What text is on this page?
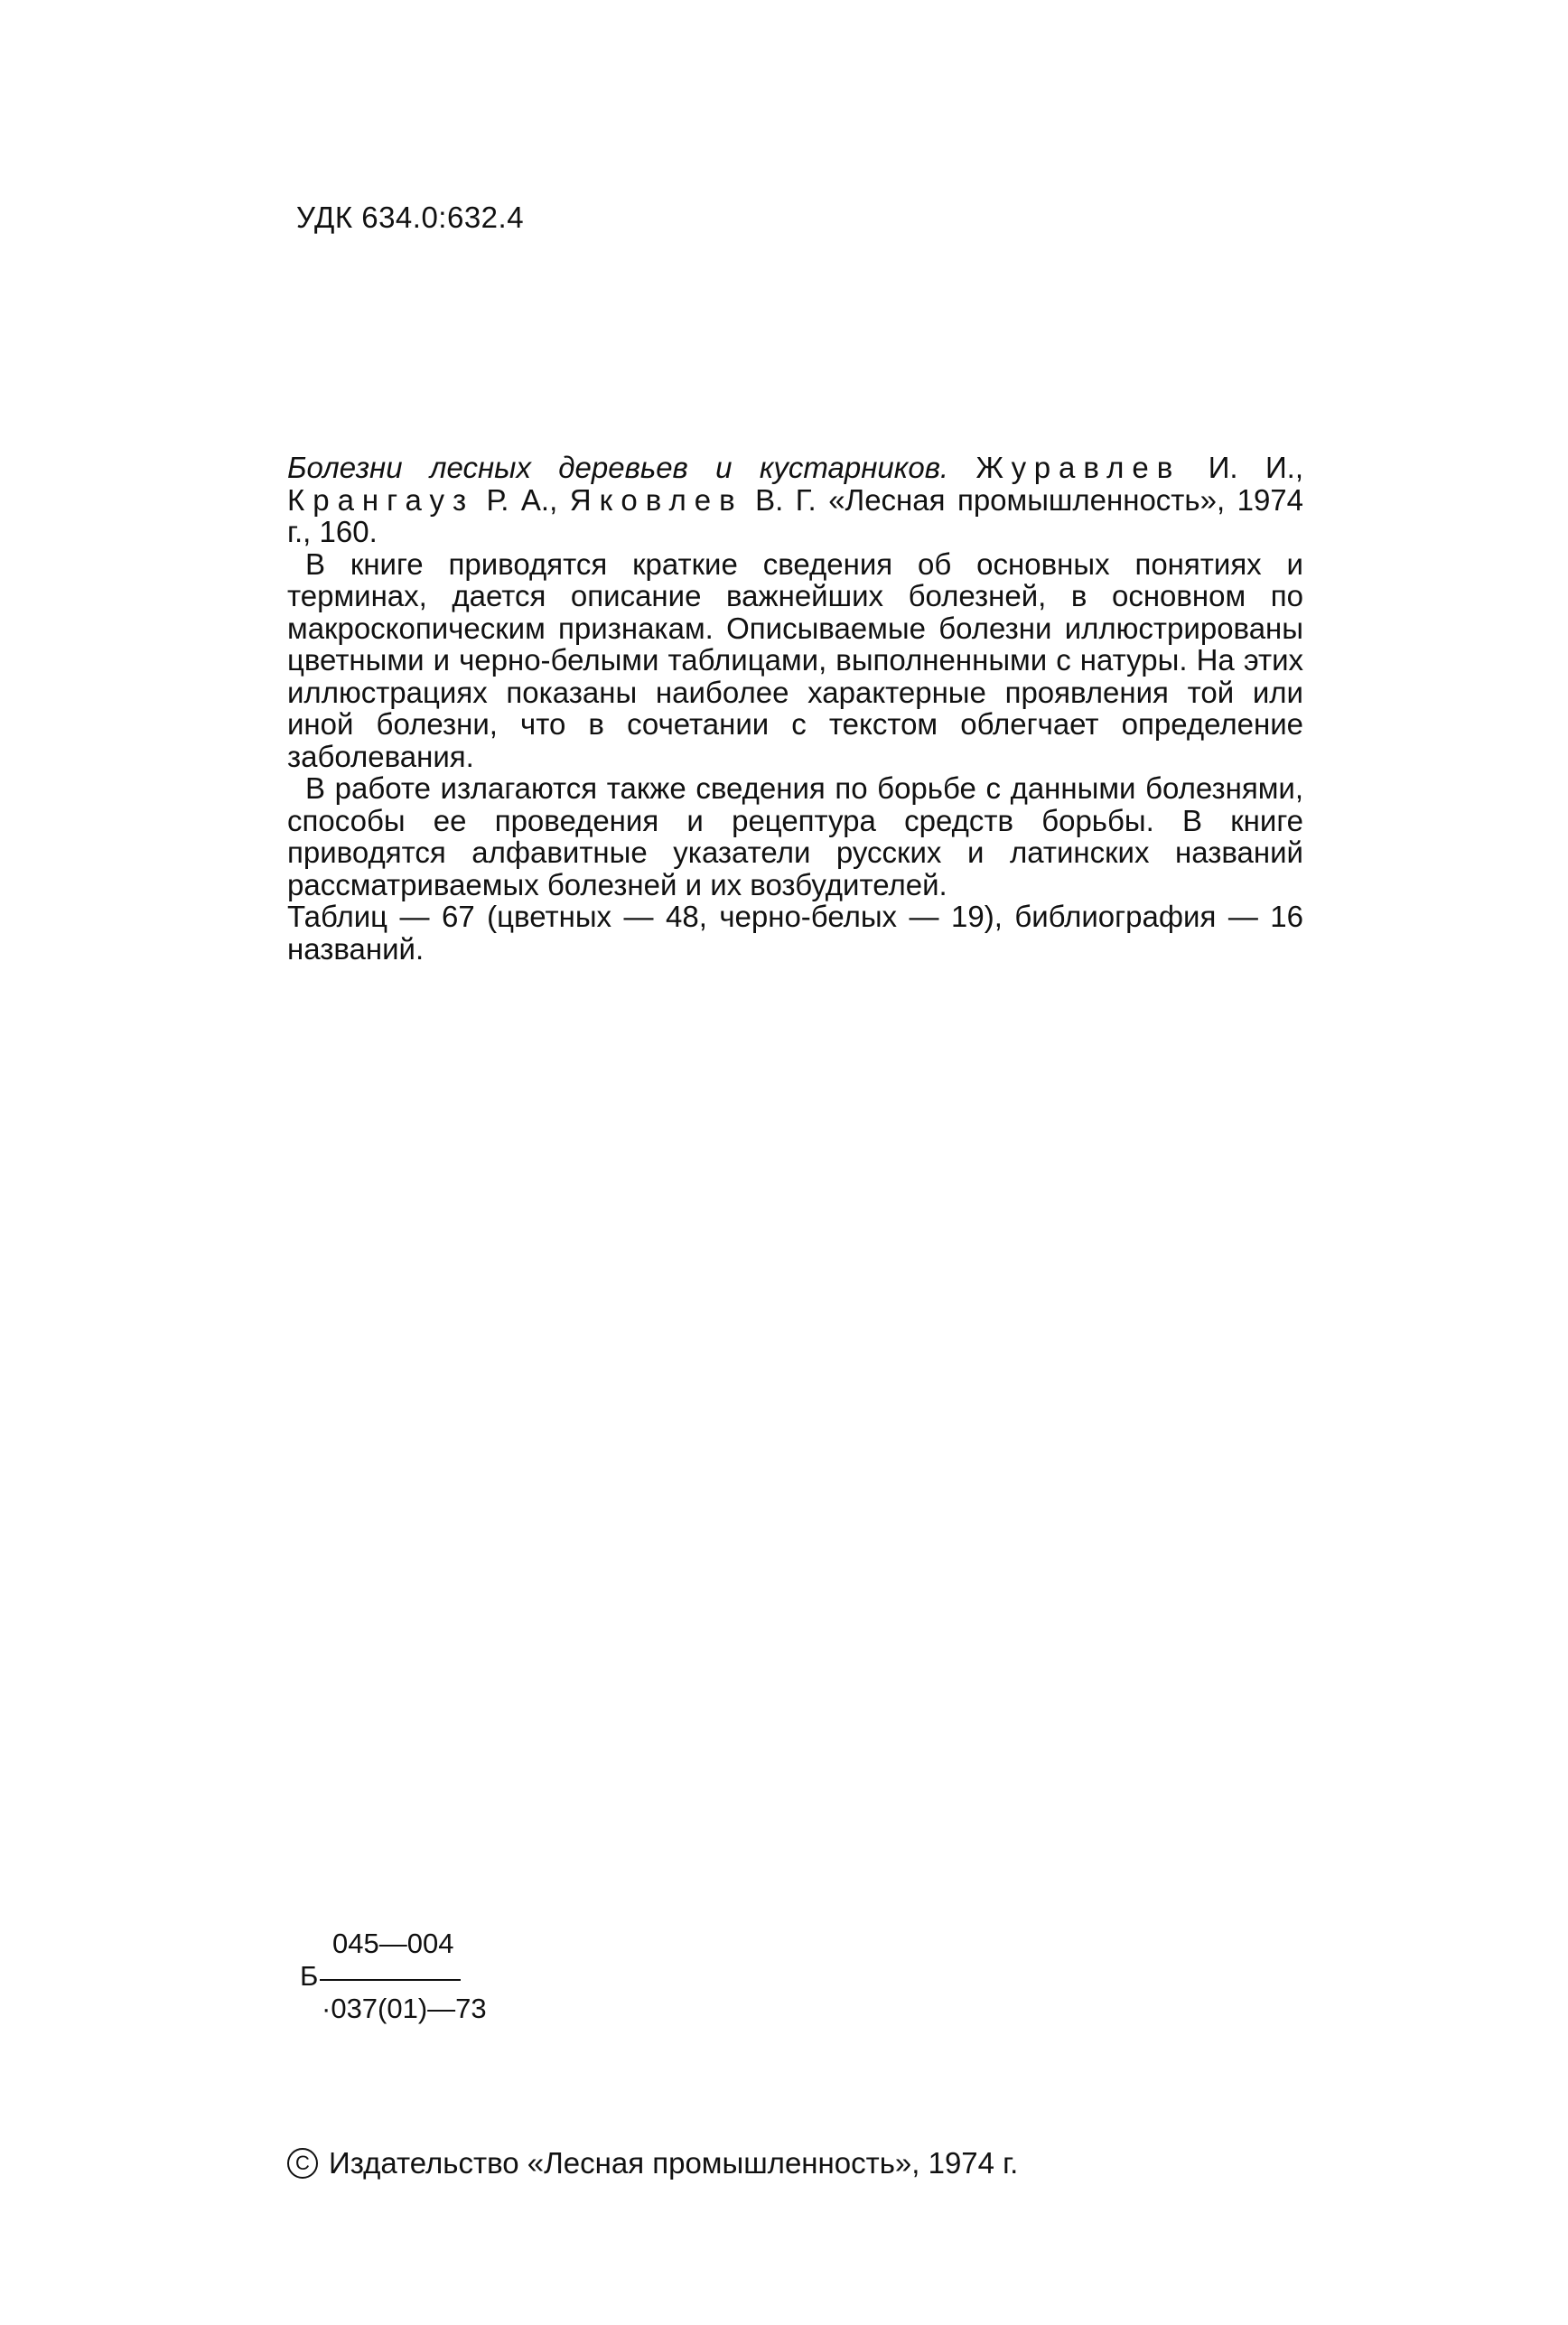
УДК 634.0:632.4

Болезни лесных деревьев и кустарников. Журавлев И. И., Крангауз Р. А., Яковлев В. Г. «Лесная промышленность», 1974 г., 160.

В книге приводятся краткие сведения об основных понятиях и терминах, дается описание важнейших болезней, в основном по макроскопическим признакам. Описываемые болезни иллюстрированы цветными и черно-белыми таблицами, выполненными с натуры. На этих иллюстрациях показаны наиболее характерные проявления той или иной болезни, что в сочетании с текстом облегчает определение заболевания.

В работе излагаются также сведения по борьбе с данными болезнями, способы ее проведения и рецептура средств борьбы. В книге приводятся алфавитные указатели русских и латинских названий рассматриваемых болезней и их возбудителей.

Таблиц — 67 (цветных — 48, черно-белых — 19), библиография — 16 названий.

045—004
Б
·037(01)—73
C Издательство «Лесная промышленность», 1974 г.
